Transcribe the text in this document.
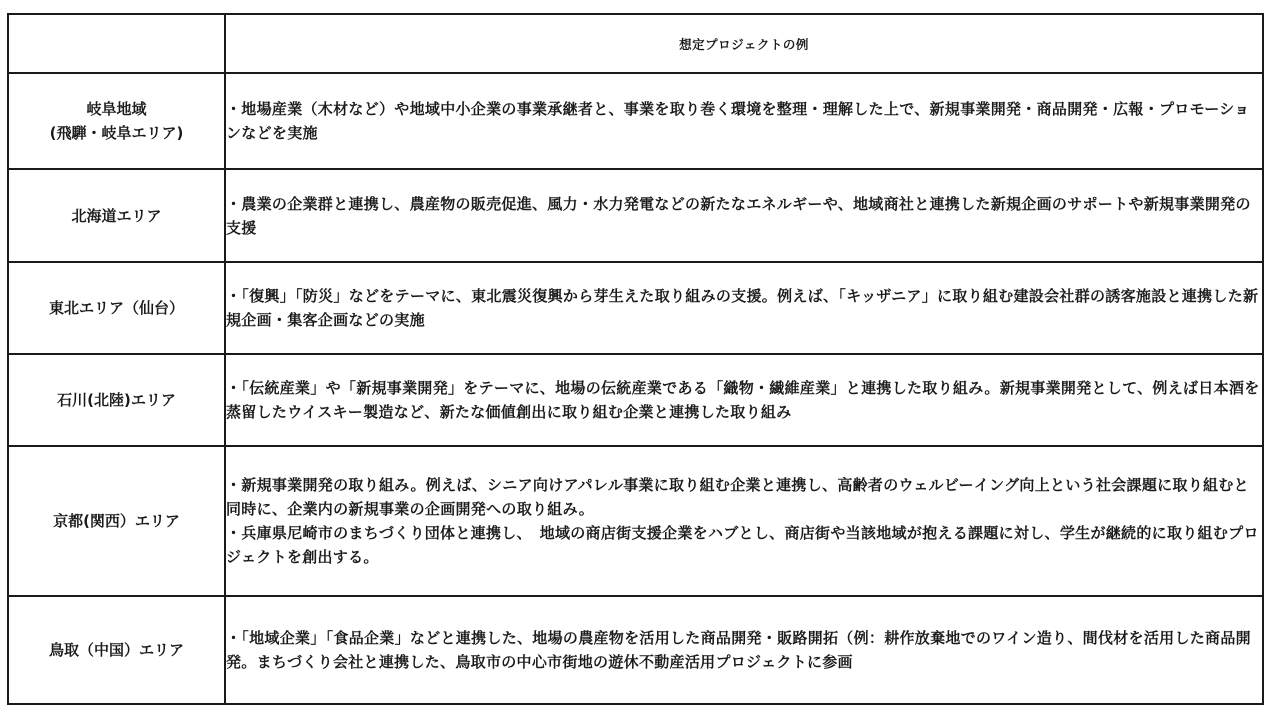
	想定プロジェクトの例

岐阜地域
(飛騨・岐阜エリア)	・地場産業（木材など）や地域中小企業の事業承継者と、事業を取り巻く環境を整理・理解した上で、新規事業開発・商品開発・広報・プロモーションなどを実施

北海道エリア	・農業の企業群と連携し、農産物の販売促進、風力・水力発電などの新たなエネルギーや、地域商社と連携した新規企画のサポートや新規事業開発の支援

東北エリア（仙台）	・「復興」「防災」などをテーマに、東北震災復興から芽生えた取り組みの支援。例えば、「キッザニア」に取り組む建設会社群の誘客施設と連携した新規企画・集客企画などの実施

石川(北陸)エリア	・「伝統産業」や「新規事業開発」をテーマに、地場の伝統産業である「織物・繊維産業」と連携した取り組み。新規事業開発として、例えば日本酒を蒸留したウイスキー製造など、新たな価値創出に取り組む企業と連携した取り組み

京都(関西）エリア	・新規事業開発の取り組み。例えば、シニア向けアパレル事業に取り組む企業と連携し、高齢者のウェルビーイング向上という社会課題に取り組むと同時に、企業内の新規事業の企画開発への取り組み。
・兵庫県尼崎市のまちづくり団体と連携し、　地域の商店街支援企業をハブとし、商店街や当該地域が抱える課題に対し、学生が継続的に取り組むプロジェクトを創出する。

鳥取（中国）エリア	・「地域企業」「食品企業」などと連携した、地場の農産物を活用した商品開発・販路開拓（例：耕作放棄地でのワイン造り、間伐材を活用した商品開発。まちづくり会社と連携した、鳥取市の中心市街地の遊休不動産活用プロジェクトに参画
